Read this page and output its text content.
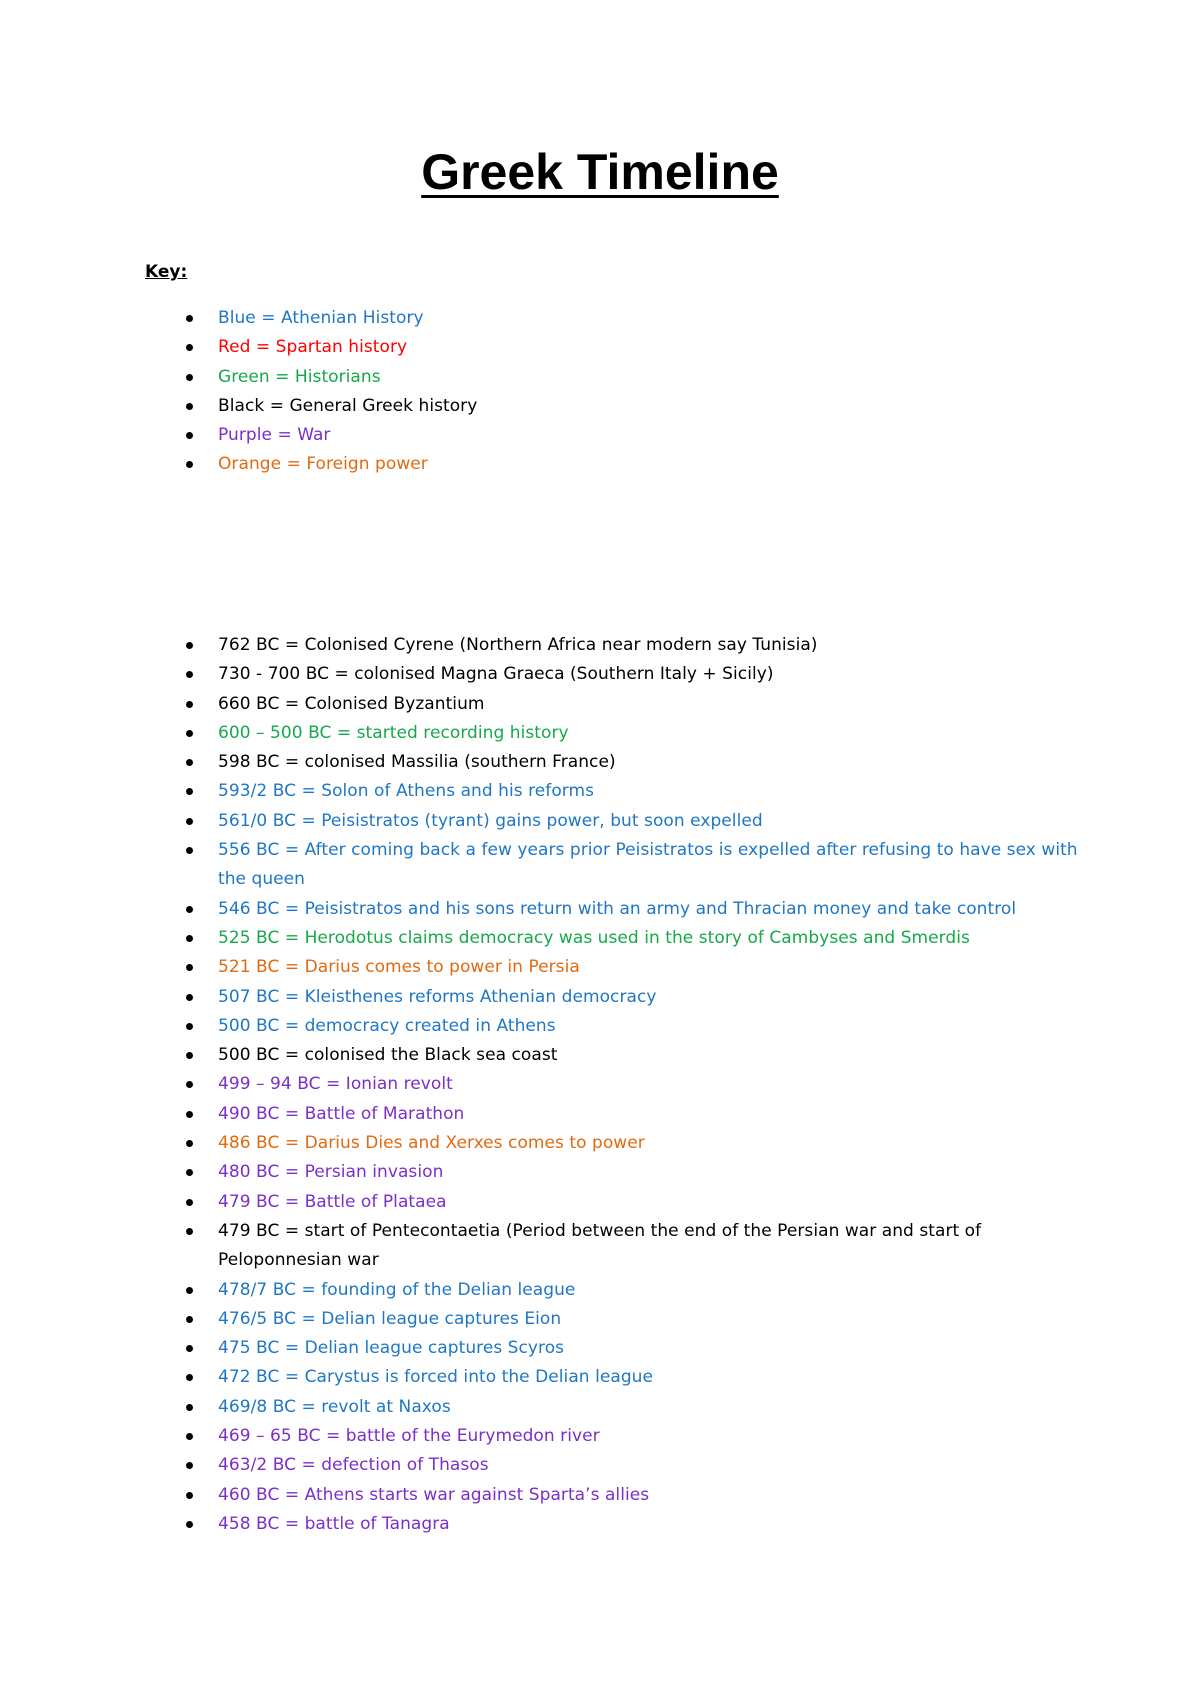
Greek Timeline

Key:

Blue = Athenian History
Red = Spartan history
Green = Historians
Black = General Greek history
Purple = War
Orange = Foreign power
762 BC = Colonised Cyrene (Northern Africa near modern say Tunisia)
730 - 700 BC = colonised Magna Graeca (Southern Italy + Sicily)
660 BC = Colonised Byzantium
600 – 500 BC = started recording history
598 BC = colonised Massilia (southern France)
593/2 BC = Solon of Athens and his reforms
561/0 BC = Peisistratos (tyrant) gains power, but soon expelled
556 BC = After coming back a few years prior Peisistratos is expelled after refusing to have sex with the queen
546 BC = Peisistratos and his sons return with an army and Thracian money and take control
525 BC = Herodotus claims democracy was used in the story of Cambyses and Smerdis
521 BC = Darius comes to power in Persia
507 BC = Kleisthenes reforms Athenian democracy
500 BC = democracy created in Athens
500 BC = colonised the Black sea coast
499 – 94 BC = Ionian revolt
490 BC = Battle of Marathon
486 BC = Darius Dies and Xerxes comes to power
480 BC = Persian invasion
479 BC = Battle of Plataea
479 BC = start of Pentecontaetia (Period between the end of the Persian war and start of Peloponnesian war
478/7 BC = founding of the Delian league
476/5 BC = Delian league captures Eion
475 BC = Delian league captures Scyros
472 BC = Carystus is forced into the Delian league
469/8 BC = revolt at Naxos
469 – 65 BC = battle of the Eurymedon river
463/2 BC = defection of Thasos
460 BC = Athens starts war against Sparta’s allies
458 BC = battle of Tanagra
